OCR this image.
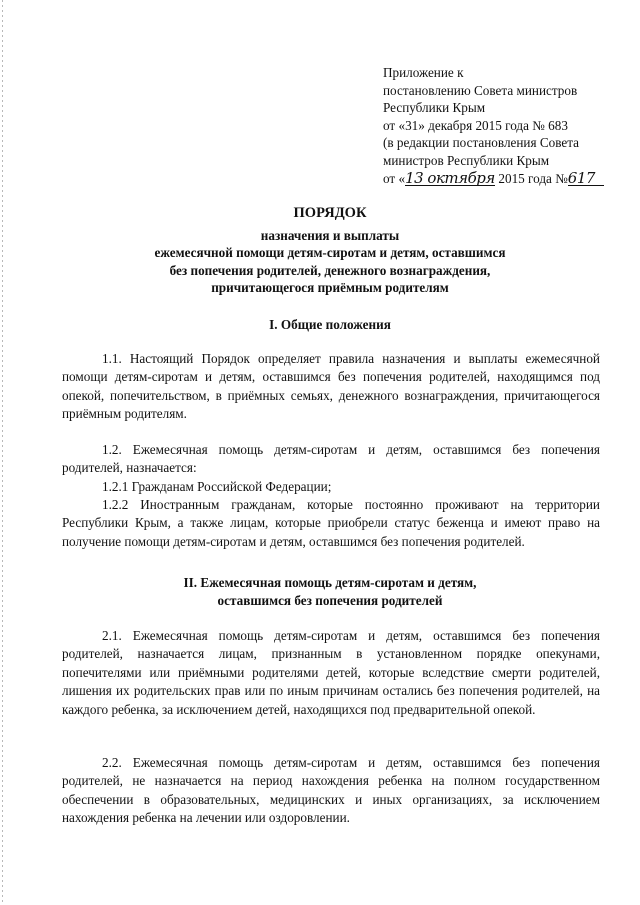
Приложение к
постановлению Совета министров
Республики Крым
от «31» декабря 2015 года № 683
(в редакции постановления Совета
министров Республики Крым
от «13 октября 2015 года №617
ПОРЯДОК
назначения и выплаты
ежемесячной помощи детям-сиротам и детям, оставшимся
без попечения родителей, денежного вознаграждения,
причитающегося приёмным родителям
I. Общие положения
1.1. Настоящий Порядок определяет правила назначения и выплаты ежемесячной помощи детям-сиротам и детям, оставшимся без попечения родителей, находящимся под опекой, попечительством, в приёмных семьях, денежного вознаграждения, причитающегося приёмным родителям.
1.2. Ежемесячная помощь детям-сиротам и детям, оставшимся без попечения родителей, назначается:
1.2.1 Гражданам Российской Федерации;
1.2.2 Иностранным гражданам, которые постоянно проживают на территории Республики Крым, а также лицам, которые приобрели статус беженца и имеют право на получение помощи детям-сиротам и детям, оставшимся без попечения родителей.
II. Ежемесячная помощь детям-сиротам и детям,
оставшимся без попечения родителей
2.1. Ежемесячная помощь детям-сиротам и детям, оставшимся без попечения родителей, назначается лицам, признанным в установленном порядке опекунами, попечителями или приёмными родителями детей, которые вследствие смерти родителей, лишения их родительских прав или по иным причинам остались без попечения родителей, на каждого ребенка, за исключением детей, находящихся под предварительной опекой.
2.2. Ежемесячная помощь детям-сиротам и детям, оставшимся без попечения родителей, не назначается на период нахождения ребенка на полном государственном обеспечении в образовательных, медицинских и иных организациях, за исключением нахождения ребенка на лечении или оздоровлении.
